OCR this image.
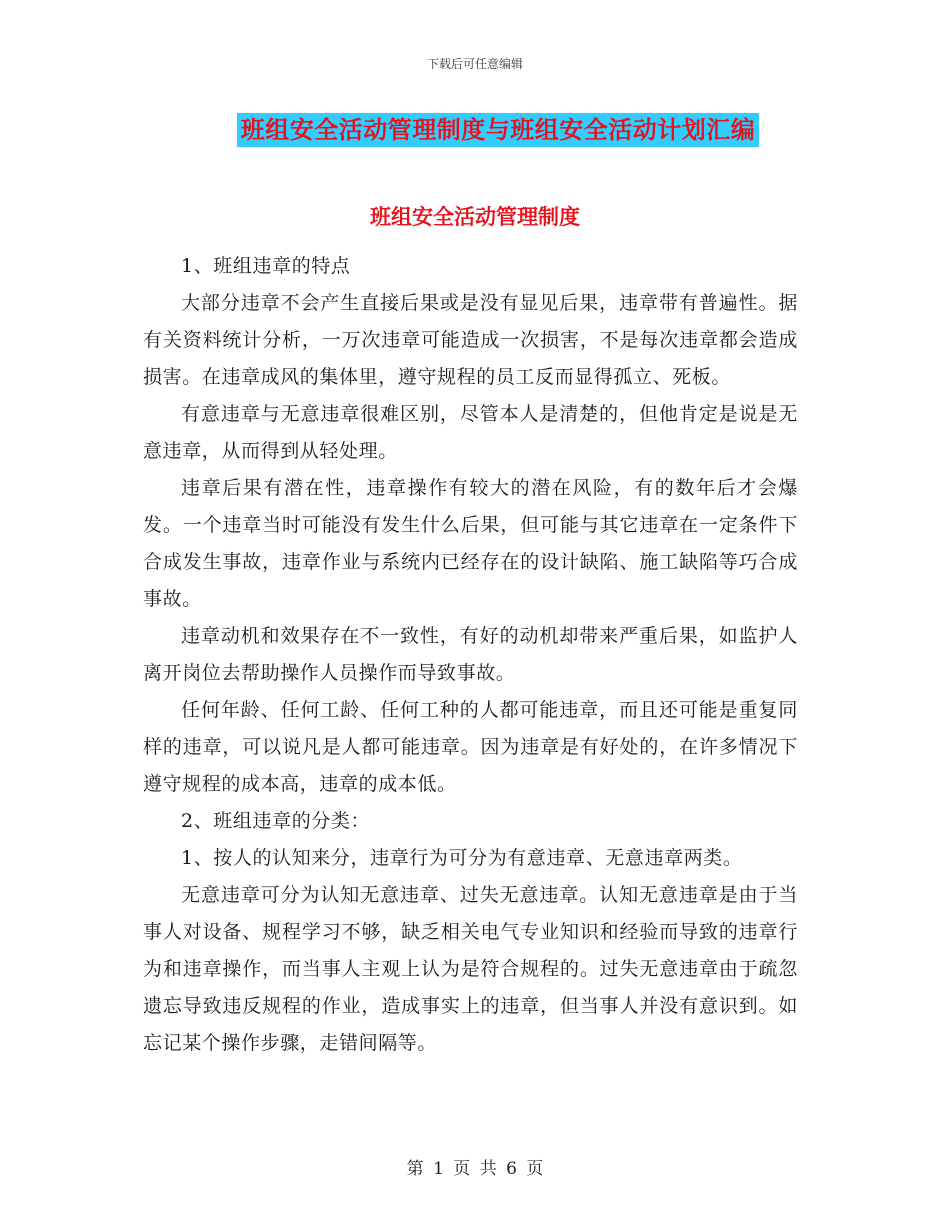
下载后可任意编辑
班组安全活动管理制度与班组安全活动计划汇编
班组安全活动管理制度

1、班组违章的特点

大部分违章不会产生直接后果或是没有显见后果，违章带有普遍性。据有关资料统计分析，一万次违章可能造成一次损害，不是每次违章都会造成损害。在违章成风的集体里，遵守规程的员工反而显得孤立、死板。

有意违章与无意违章很难区别，尽管本人是清楚的，但他肯定是说是无意违章，从而得到从轻处理。

违章后果有潜在性，违章操作有较大的潜在风险，有的数年后才会爆发。一个违章当时可能没有发生什么后果，但可能与其它违章在一定条件下合成发生事故，违章作业与系统内已经存在的设计缺陷、施工缺陷等巧合成事故。

违章动机和效果存在不一致性，有好的动机却带来严重后果，如监护人离开岗位去帮助操作人员操作而导致事故。

任何年龄、任何工龄、任何工种的人都可能违章，而且还可能是重复同样的违章，可以说凡是人都可能违章。因为违章是有好处的，在许多情况下遵守规程的成本高，违章的成本低。

2、班组违章的分类：

1、按人的认知来分，违章行为可分为有意违章、无意违章两类。

无意违章可分为认知无意违章、过失无意违章。认知无意违章是由于当事人对设备、规程学习不够，缺乏相关电气专业知识和经验而导致的违章行为和违章操作，而当事人主观上认为是符合规程的。过失无意违章由于疏忽遗忘导致违反规程的作业，造成事实上的违章，但当事人并没有意识到。如忘记某个操作步骤，走错间隔等。

第 1 页 共 6 页
